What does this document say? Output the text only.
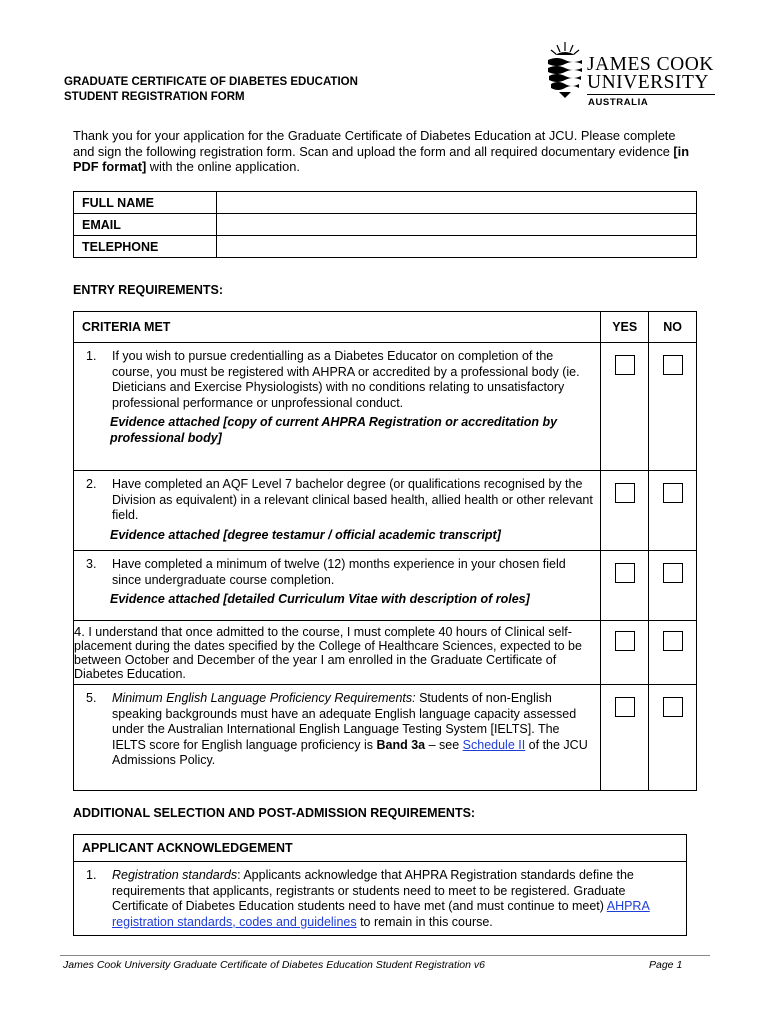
GRADUATE CERTIFICATE OF DIABETES EDUCATION
STUDENT REGISTRATION FORM
JAMES COOK
UNIVERSITY
AUSTRALIA
Thank you for your application for the Graduate Certificate of Diabetes Education at JCU. Please complete and sign the following registration form. Scan and upload the form and all required documentary evidence [in PDF format] with the online application.
FULL NAME	
EMAIL	
TELEPHONE	
ENTRY REQUIREMENTS:
CRITERIA MET	YES	NO

1. If you wish to pursue credentialling as a Diabetes Educator on completion of the course, you must be registered with AHPRA or accredited by a professional body (ie. Dieticians and Exercise Physiologists) with no conditions relating to unsatisfactory professional performance or unprofessional conduct.
Evidence attached [copy of current AHPRA Registration or accreditation by professional body]		

2. Have completed an AQF Level 7 bachelor degree (or qualifications recognised by the Division as equivalent) in a relevant clinical based health, allied health or other relevant field.
Evidence attached [degree testamur / official academic transcript]		

3. Have completed a minimum of twelve (12) months experience in your chosen field since undergraduate course completion.
Evidence attached [detailed Curriculum Vitae with description of roles]		

4. I understand that once admitted to the course, I must complete 40 hours of Clinical self-placement during the dates specified by the College of Healthcare Sciences, expected to be between October and December of the year I am enrolled in the Graduate Certificate of Diabetes Education.	

5. Minimum English Language Proficiency Requirements: Students of non-English speaking backgrounds must have an adequate English language capacity assessed under the Australian International English Language Testing System [IELTS]. The IELTS score for English language proficiency is Band 3a – see Schedule II of the JCU Admissions Policy.		

ADDITIONAL SELECTION AND POST-ADMISSION REQUIREMENTS:
APPLICANT ACKNOWLEDGEMENT

1.	Registration standards: Applicants acknowledge that AHPRA Registration standards define the requirements that applicants, registrants or students need to meet to be registered. Graduate Certificate of Diabetes Education students need to have met (and must continue to meet) AHPRA registration standards, codes and guidelines to remain in this course.
James Cook University Graduate Certificate of Diabetes Education Student Registration v6	Page 1
